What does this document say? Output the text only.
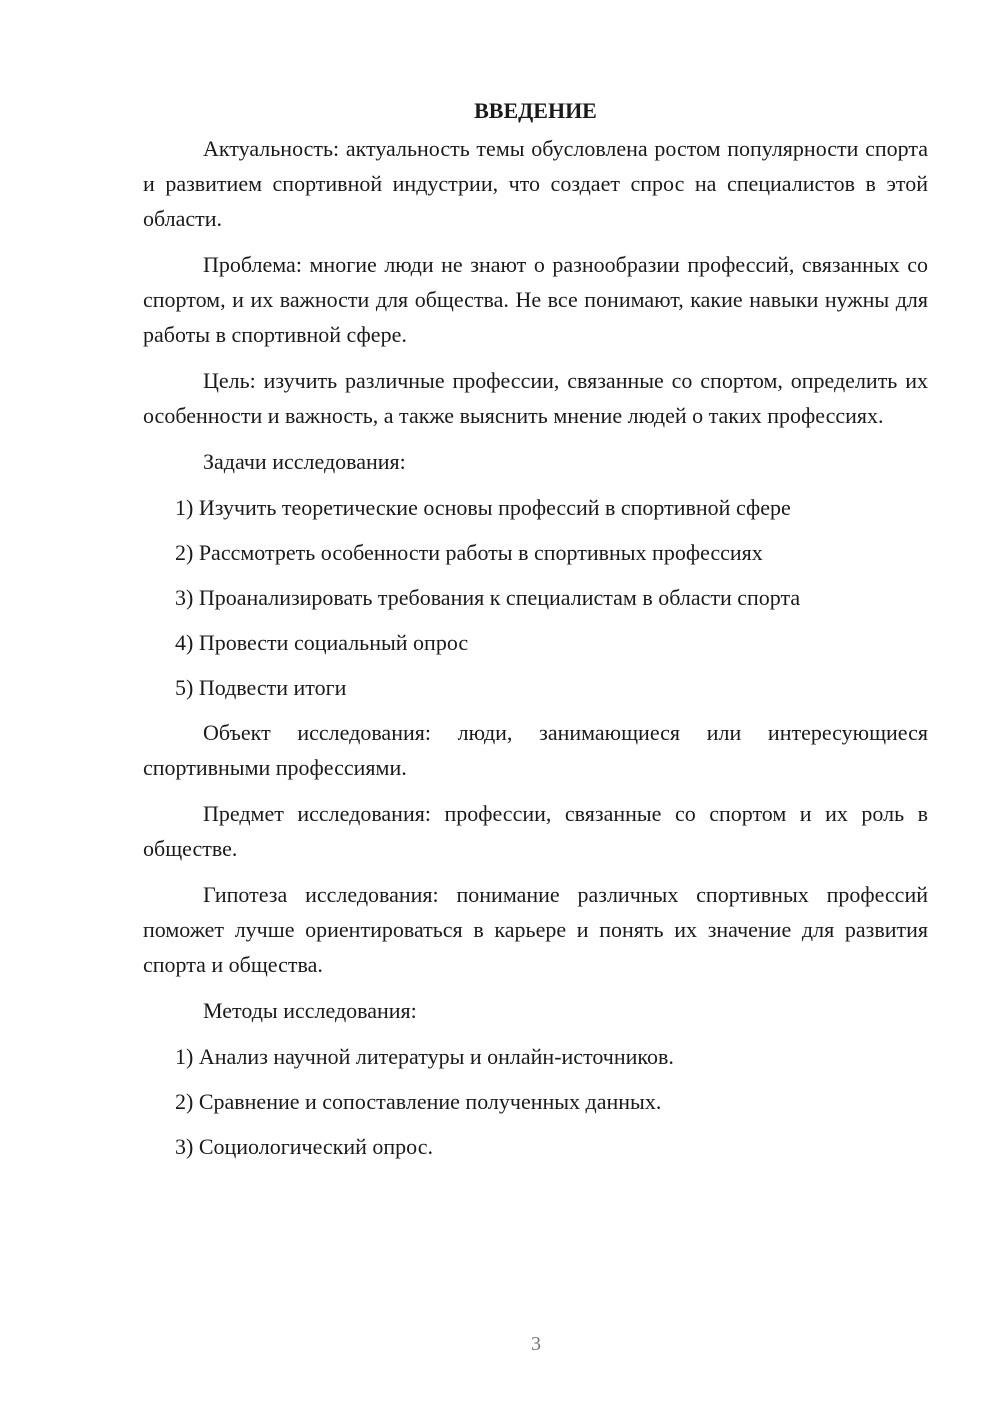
ВВЕДЕНИЕ

Актуальность: актуальность темы обусловлена ростом популярности спорта и развитием спортивной индустрии, что создает спрос на специалистов в этой области.

Проблема: многие люди не знают о разнообразии профессий, связанных со спортом, и их важности для общества. Не все понимают, какие навыки нужны для работы в спортивной сфере.

Цель: изучить различные профессии, связанные со спортом, определить их особенности и важность, а также выяснить мнение людей о таких профессиях.

Задачи исследования:

1) Изучить теоретические основы профессий в спортивной сфере
2) Рассмотреть особенности работы в спортивных профессиях
3) Проанализировать требования к специалистам в области спорта
4) Провести социальный опрос
5) Подвести итоги

Объект исследования: люди, занимающиеся или интересующиеся спортивными профессиями.

Предмет исследования: профессии, связанные со спортом и их роль в обществе.

Гипотеза исследования: понимание различных спортивных профессий поможет лучше ориентироваться в карьере и понять их значение для развития спорта и общества.

Методы исследования:

1) Анализ научной литературы и онлайн-источников.
2) Сравнение и сопоставление полученных данных.
3) Социологический опрос.
3
